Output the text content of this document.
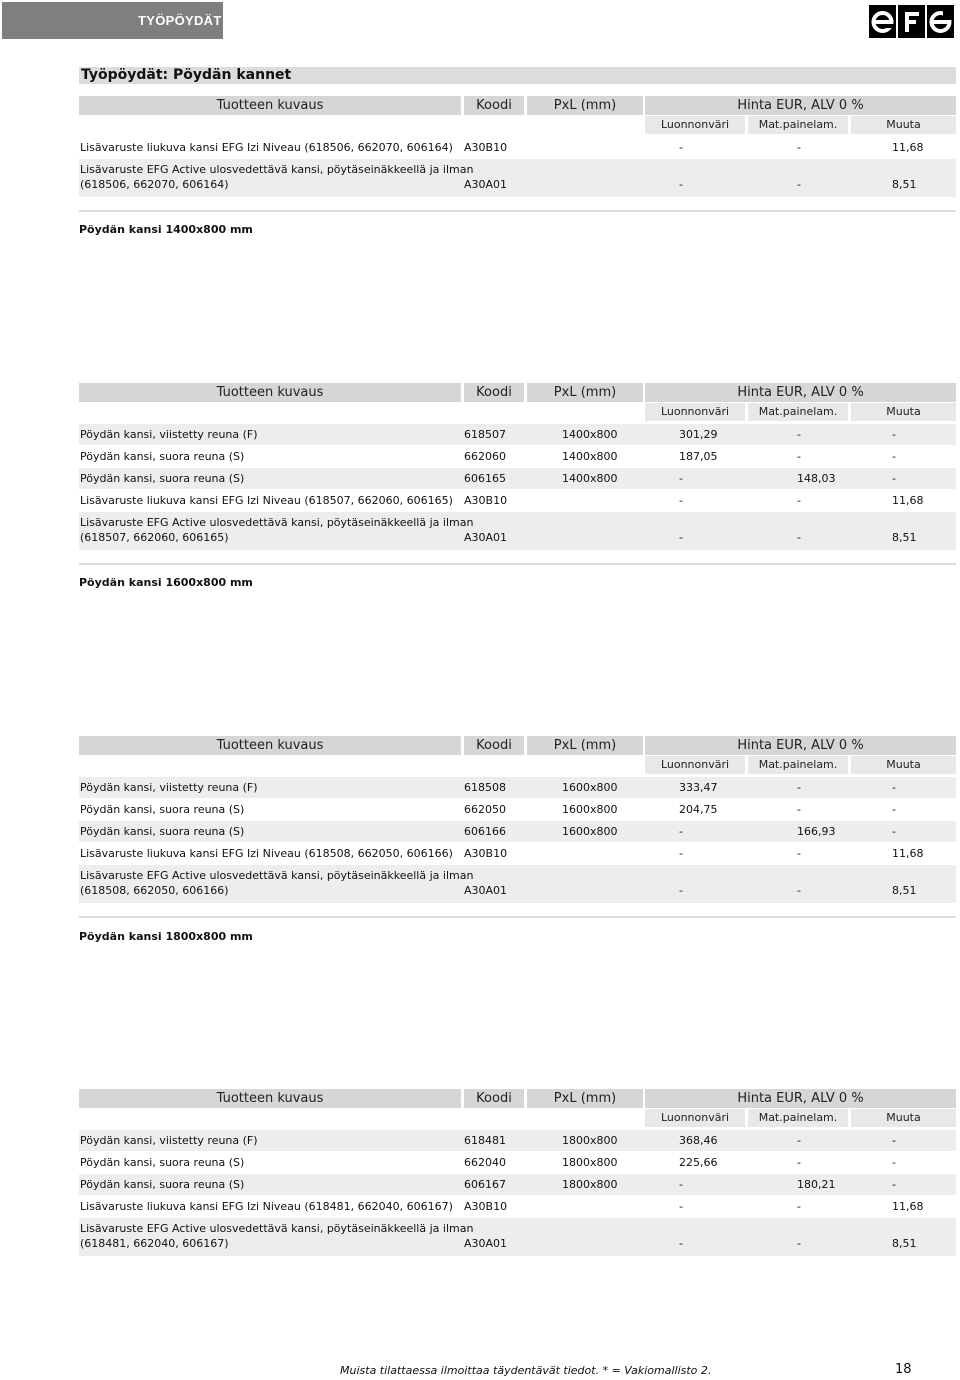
TYÖPÖYDÄT
Työpöydät: Pöydän kannet
Tuotteen kuvaus	Koodi	PxL (mm)	Hinta EUR, ALV 0 %
Luonnonväri	Mat.painelam.	Muuta
Lisävaruste liukuva kansi EFG Izi Niveau (618506, 662070, 606164) A30B10	-	-	11,68
Lisävaruste EFG Active ulosvedettävä kansi, pöytäseinäkkeellä ja ilman
(618506, 662070, 606164)	A30A01	-	-	8,51
Pöydän kansi 1400x800 mm
Tuotteen kuvaus	Koodi	PxL (mm)	Hinta EUR, ALV 0 %
Luonnonväri	Mat.painelam.	Muuta
Pöydän kansi, viistetty reuna (F)	618507	1400x800	301,29	-	-
Pöydän kansi, suora reuna (S)	662060	1400x800	187,05	-	-
Pöydän kansi, suora reuna (S)	606165	1400x800	-	148,03	-
Lisävaruste liukuva kansi EFG Izi Niveau (618507, 662060, 606165) A30B10	-	-	11,68
Lisävaruste EFG Active ulosvedettävä kansi, pöytäseinäkkeellä ja ilman
(618507, 662060, 606165)	A30A01	-	-	8,51
Pöydän kansi 1600x800 mm
Tuotteen kuvaus	Koodi	PxL (mm)	Hinta EUR, ALV 0 %
Luonnonväri	Mat.painelam.	Muuta
Pöydän kansi, viistetty reuna (F)	618508	1600x800	333,47	-	-
Pöydän kansi, suora reuna (S)	662050	1600x800	204,75	-	-
Pöydän kansi, suora reuna (S)	606166	1600x800	-	166,93	-
Lisävaruste liukuva kansi EFG Izi Niveau (618508, 662050, 606166) A30B10	-	-	11,68
Lisävaruste EFG Active ulosvedettävä kansi, pöytäseinäkkeellä ja ilman
(618508, 662050, 606166)	A30A01	-	-	8,51
Pöydän kansi 1800x800 mm
Tuotteen kuvaus	Koodi	PxL (mm)	Hinta EUR, ALV 0 %
Luonnonväri	Mat.painelam.	Muuta
Pöydän kansi, viistetty reuna (F)	618481	1800x800	368,46	-	-
Pöydän kansi, suora reuna (S)	662040	1800x800	225,66	-	-
Pöydän kansi, suora reuna (S)	606167	1800x800	-	180,21	-
Lisävaruste liukuva kansi EFG Izi Niveau (618481, 662040, 606167) A30B10	-	-	11,68
Lisävaruste EFG Active ulosvedettävä kansi, pöytäseinäkkeellä ja ilman
(618481, 662040, 606167)	A30A01	-	-	8,51
Muista tilattaessa ilmoittaa täydentävät tiedot. * = Vakiomallisto 2.	18
